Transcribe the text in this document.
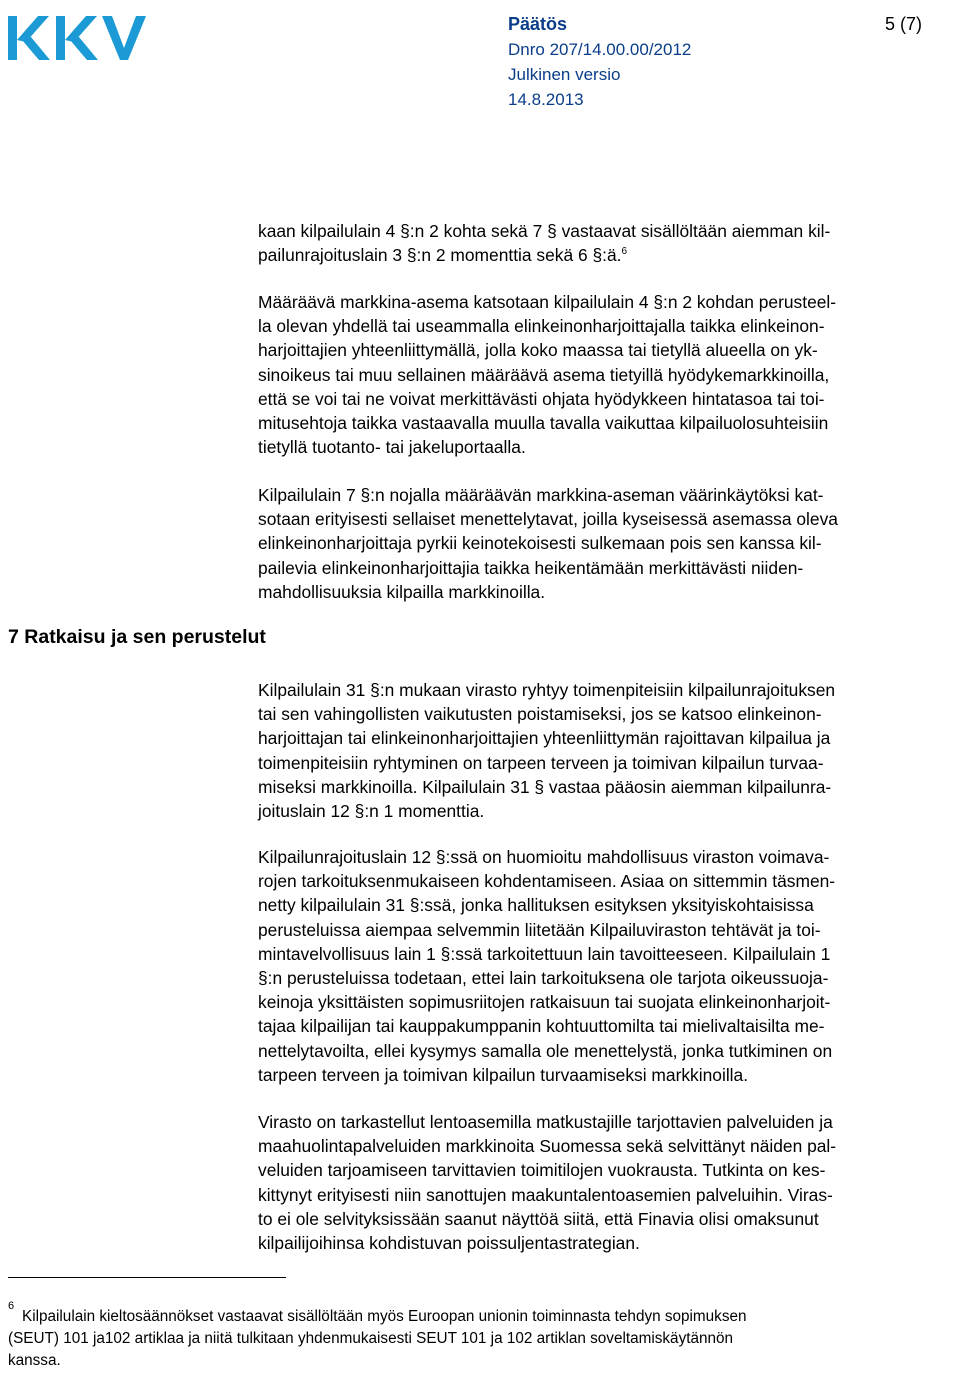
Päätös	5 (7)
Dnro 207/14.00.00/2012
Julkinen versio
14.8.2013

kaan kilpailulain 4 §:n 2 kohta sekä 7 § vastaavat sisällöltään aiemman kil-
pailunrajoituslain 3 §:n 2 momenttia sekä 6 §:ä.$^6$

Määräävä markkina-asema katsotaan kilpailulain 4 §:n 2 kohdan perusteel-
la olevan yhdellä tai useammalla elinkeinonharjoittajalla taikka elinkeinon-
harjoittajien yhteenliittymällä, jolla koko maassa tai tietyllä alueella on yk-
sinoikeus tai muu sellainen määräävä asema tietyillä hyödykemarkkinoilla,
että se voi tai ne voivat merkittävästi ohjata hyödykkeen hintatasoa tai toi-
mitusehtoja taikka vastaavalla muulla tavalla vaikuttaa kilpailuolosuhteisiin
tietyllä tuotanto- tai jakeluportaalla.

Kilpailulain 7 §:n nojalla määräävän markkina-aseman väärinkäytöksi kat-
sotaan erityisesti sellaiset menettelytavat, joilla kyseisessä asemassa oleva
elinkeinonharjoittaja pyrkii keinotekoisesti sulkemaan pois sen kanssa kil-
pailevia elinkeinonharjoittajia taikka heikentämään merkittävästi niiden-
mahdollisuuksia kilpailla markkinoilla.

7 Ratkaisu ja sen perustelut

Kilpailulain 31 §:n mukaan virasto ryhtyy toimenpiteisiin kilpailunrajoituksen
tai sen vahingollisten vaikutusten poistamiseksi, jos se katsoo elinkeinon-
harjoittajan tai elinkeinonharjoittajien yhteenliittymän rajoittavan kilpailua ja
toimenpiteisiin ryhtyminen on tarpeen terveen ja toimivan kilpailun turvaa-
miseksi markkinoilla. Kilpailulain 31 § vastaa pääosin aiemman kilpailunra-
joituslain 12 §:n 1 momenttia.

Kilpailunrajoituslain 12 §:ssä on huomioitu mahdollisuus viraston voimava-
rojen tarkoituksenmukaiseen kohdentamiseen. Asiaa on sittemmin täsmen-
netty kilpailulain 31 §:ssä, jonka hallituksen esityksen yksityiskohtaisissa
perusteluissa aiempaa selvemmin liitetään Kilpailuviraston tehtävät ja toi-
mintavelvollisuus lain 1 §:ssä tarkoitettuun lain tavoitteeseen. Kilpailulain 1
§:n perusteluissa todetaan, ettei lain tarkoituksena ole tarjota oikeussuoja-
keinoja yksittäisten sopimusriitojen ratkaisuun tai suojata elinkeinonharjoit-
tajaa kilpailijan tai kauppakumppanin kohtuuttomilta tai mielivaltaisilta me-
nettelytavoilta, ellei kysymys samalla ole menettelystä, jonka tutkiminen on
tarpeen terveen ja toimivan kilpailun turvaamiseksi markkinoilla.

Virasto on tarkastellut lentoasemilla matkustajille tarjottavien palveluiden ja
maahuolintapalveluiden markkinoita Suomessa sekä selvittänyt näiden pal-
veluiden tarjoamiseen tarvittavien toimitilojen vuokrausta. Tutkinta on kes-
kittynyt erityisesti niin sanottujen maakuntalentoasemien palveluihin. Viras-
to ei ole selvityksissään saanut näyttöä siitä, että Finavia olisi omaksunut
kilpailijoihinsa kohdistuvan poissuljentastrategian.

6

Kilpailulain kieltosäännökset vastaavat sisällöltään myös Euroopan unionin toiminnasta tehdyn sopimuksen
(SEUT) 101 ja102 artiklaa ja niitä tulkitaan yhdenmukaisesti SEUT 101 ja 102 artiklan soveltamiskäytännön
kanssa.
